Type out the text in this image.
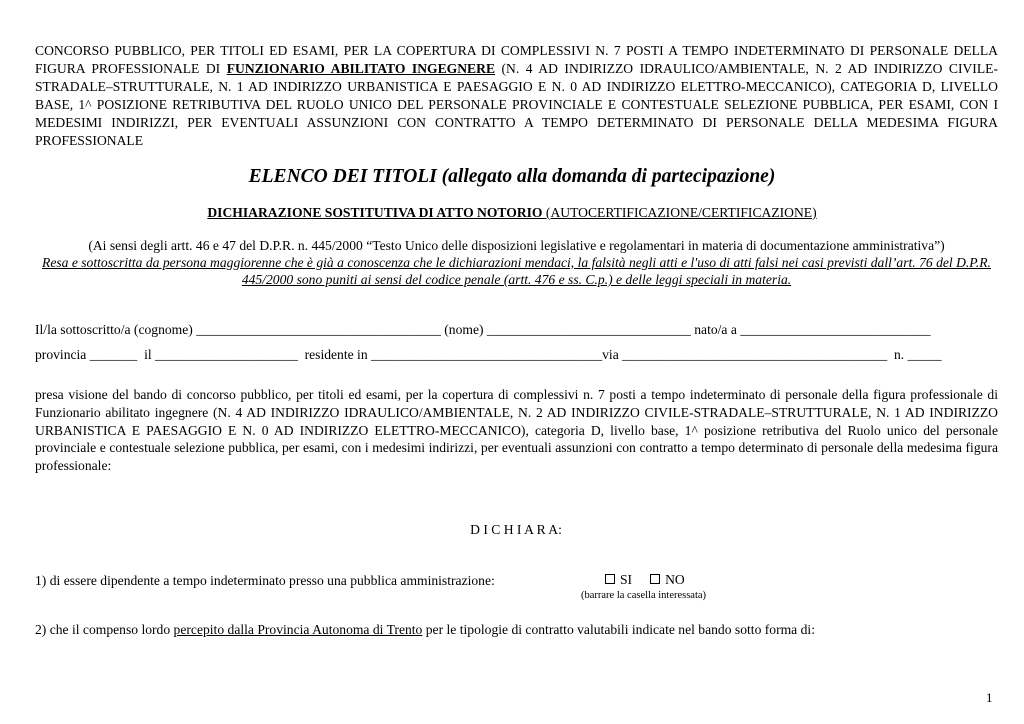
CONCORSO PUBBLICO, PER TITOLI ED ESAMI, PER LA COPERTURA DI COMPLESSIVI N. 7 POSTI A TEMPO INDETERMINATO DI PERSONALE DELLA FIGURA PROFESSIONALE DI FUNZIONARIO ABILITATO INGEGNERE (N. 4 AD INDIRIZZO IDRAULICO/AMBIENTALE, N. 2 AD INDIRIZZO CIVILE-STRADALE–STRUTTURALE, N. 1 AD INDIRIZZO URBANISTICA E PAESAGGIO E N. 0 AD INDIRIZZO ELETTRO-MECCANICO), CATEGORIA D, LIVELLO BASE, 1^ POSIZIONE RETRIBUTIVA DEL RUOLO UNICO DEL PERSONALE PROVINCIALE E CONTESTUALE SELEZIONE PUBBLICA, PER ESAMI, CON I MEDESIMI INDIRIZZI, PER EVENTUALI ASSUNZIONI CON CONTRATTO A TEMPO DETERMINATO DI PERSONALE DELLA MEDESIMA FIGURA PROFESSIONALE
ELENCO DEI TITOLI (allegato alla domanda di partecipazione)
DICHIARAZIONE SOSTITUTIVA DI ATTO NOTORIO (AUTOCERTIFICAZIONE/CERTIFICAZIONE)
(Ai sensi degli artt. 46 e 47 del D.P.R. n. 445/2000 “Testo Unico delle disposizioni legislative e regolamentari in materia di documentazione amministrativa”)
Resa e sottoscritta da persona maggiorenne che è già a conoscenza che le dichiarazioni mendaci, la falsità negli atti e l'uso di atti falsi nei casi previsti dall’art. 76 del D.P.R. 445/2000 sono puniti ai sensi del codice penale (artt. 476 e ss. C.p.) e delle leggi speciali in materia.
Il/la sottoscritto/a (cognome) ____________________________________ (nome) ______________________________ nato/a a ____________________________
provincia _______  il _____________________  residente in __________________________________via _______________________________________  n. _____
presa visione del bando di concorso pubblico, per titoli ed esami, per la copertura di complessivi n. 7 posti a tempo indeterminato di personale della figura professionale di Funzionario abilitato ingegnere (N. 4 AD INDIRIZZO IDRAULICO/AMBIENTALE, N. 2 AD INDIRIZZO CIVILE-STRADALE–STRUTTURALE, N. 1 AD INDIRIZZO URBANISTICA E PAESAGGIO E N. 0 AD INDIRIZZO ELETTRO-MECCANICO), categoria D, livello base, 1^ posizione retributiva del Ruolo unico del personale provinciale e contestuale selezione pubblica, per esami, con i medesimi indirizzi, per eventuali assunzioni con contratto a tempo determinato di personale della medesima figura professionale:
D I C H I A R A:
1) di essere dipendente a tempo indeterminato presso una pubblica amministrazione:	SI NO
(barrare la casella interessata)
2) che il compenso lordo percepito dalla Provincia Autonoma di Trento per le tipologie di contratto valutabili indicate nel bando sotto forma di:
1
